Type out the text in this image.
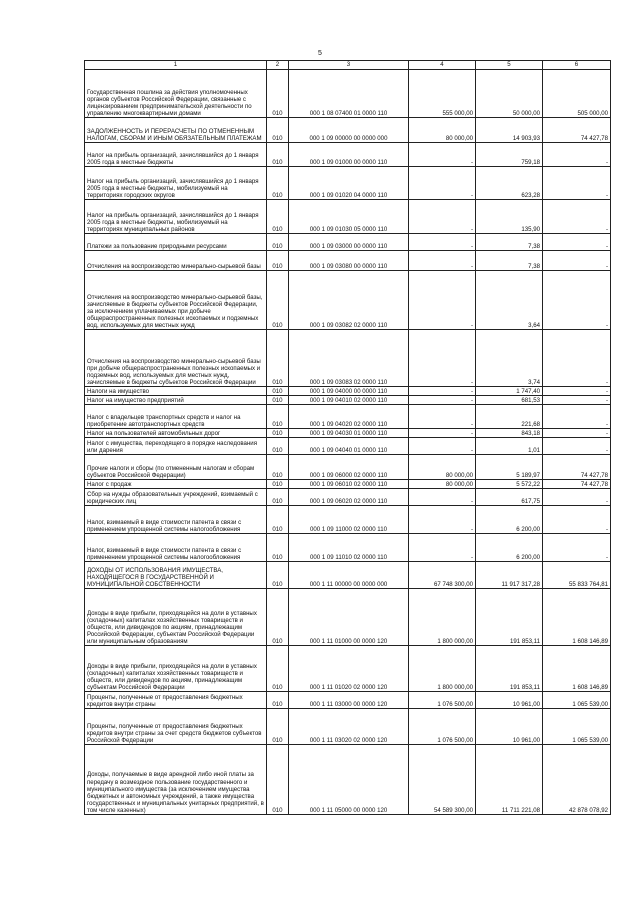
5
1	2	3	4	5	6
Государственная пошлина за действия уполномоченных органов субъектов Российской Федерации, связанные с лицензированием предпринимательской деятельности по управлению многоквартирными домами	010	000 1 08 07400 01 0000 110	555 000,00	50 000,00	505 000,00
ЗАДОЛЖЕННОСТЬ И ПЕРЕРАСЧЕТЫ ПО ОТМЕНЕННЫМ НАЛОГАМ, СБОРАМ И ИНЫМ ОБЯЗАТЕЛЬНЫМ ПЛАТЕЖАМ	010	000 1 09 00000 00 0000 000	80 000,00	14 903,93	74 427,78
Налог на прибыль организаций, зачислявшийся до 1 января 2005 года в местные бюджеты	010	000 1 09 01000 00 0000 110	-	759,18	-
Налог на прибыль организаций, зачислявшийся до 1 января 2005 года в местные бюджеты, мобилизуемый на территориях городских округов	010	000 1 09 01020 04 0000 110	-	623,28	-
Налог на прибыль организаций, зачислявшийся до 1 января 2005 года в местные бюджеты, мобилизуемый на территориях муниципальных районов	010	000 1 09 01030 05 0000 110	-	135,90	-
Платежи за пользование природными ресурсами	010	000 1 09 03000 00 0000 110	-	7,38	-
Отчисления на воспроизводство минерально-сырьевой базы	010	000 1 09 03080 00 0000 110	-	7,38	-
Отчисления на воспроизводство минерально-сырьевой базы, зачисляемые в бюджеты субъектов Российской Федерации, за исключением уплачиваемых при добыче общераспространенных полезных ископаемых и подземных вод, используемых для местных нужд	010	000 1 09 03082 02 0000 110	-	3,64	-
Отчисления на воспроизводство минерально-сырьевой базы при добыче общераспространенных полезных ископаемых и подземных вод, используемых для местных нужд, зачисляемые в бюджеты субъектов Российской Федерации	010	000 1 09 03083 02 0000 110	-	3,74	-
Налоги на имущество	010	000 1 09 04000 00 0000 110	-	1 747,40	-
Налог на имущество предприятий	010	000 1 09 04010 02 0000 110	-	681,53	-
Налог с владельцев транспортных средств и налог на приобретение автотранспортных средств	010	000 1 09 04020 02 0000 110	-	221,68	-
Налог на пользователей автомобильных дорог	010	000 1 09 04030 01 0000 110	-	843,18	-
Налог с имущества, переходящего в порядке наследования или дарения	010	000 1 09 04040 01 0000 110	-	1,01	-
Прочие налоги и сборы (по отмененным налогам и сборам субъектов Российской Федерации)	010	000 1 09 06000 02 0000 110	80 000,00	5 189,97	74 427,78
Налог с продаж	010	000 1 09 06010 02 0000 110	80 000,00	5 572,22	74 427,78
Сбор на нужды образовательных учреждений, взимаемый с юридических лиц	010	000 1 09 06020 02 0000 110	-	617,75	-
Налог, взимаемый в виде стоимости патента в связи с применением упрощенной системы налогообложения	010	000 1 09 11000 02 0000 110	-	6 200,00	-
Налог, взимаемый в виде стоимости патента в связи с применением упрощенной системы налогообложения	010	000 1 09 11010 02 0000 110	-	6 200,00	-
ДОХОДЫ ОТ ИСПОЛЬЗОВАНИЯ ИМУЩЕСТВА, НАХОДЯЩЕГОСЯ В ГОСУДАРСТВЕННОЙ И МУНИЦИПАЛЬНОЙ СОБСТВЕННОСТИ	010	000 1 11 00000 00 0000 000	67 748 300,00	11 917 317,28	55 833 764,81
Доходы в виде прибыли, приходящейся на доли в уставных (складочных) капиталах хозяйственных товариществ и обществ, или дивидендов по акциям, принадлежащим Российской Федерации, субъектам Российской Федерации или муниципальным образованиям	010	000 1 11 01000 00 0000 120	1 800 000,00	191 853,11	1 608 146,89
Доходы в виде прибыли, приходящейся на доли в уставных (складочных) капиталах хозяйственных товариществ и обществ, или дивидендов по акциям, принадлежащим субъектам Российской Федерации	010	000 1 11 01020 02 0000 120	1 800 000,00	191 853,11	1 608 146,89
Проценты, полученные от предоставления бюджетных кредитов внутри страны	010	000 1 11 03000 00 0000 120	1 076 500,00	10 961,00	1 065 539,00
Проценты, полученные от предоставления бюджетных кредитов внутри страны за счет средств бюджетов субъектов Российской Федерации	010	000 1 11 03020 02 0000 120	1 076 500,00	10 961,00	1 065 539,00
Доходы, получаемые в виде арендной либо иной платы за передачу в возмездное пользование государственного и муниципального имущества (за исключением имущества бюджетных и автономных учреждений, а также имущества государственных и муниципальных унитарных предприятий, в том числе казенных)	010	000 1 11 05000 00 0000 120	54 589 300,00	11 711 221,08	42 878 078,92
